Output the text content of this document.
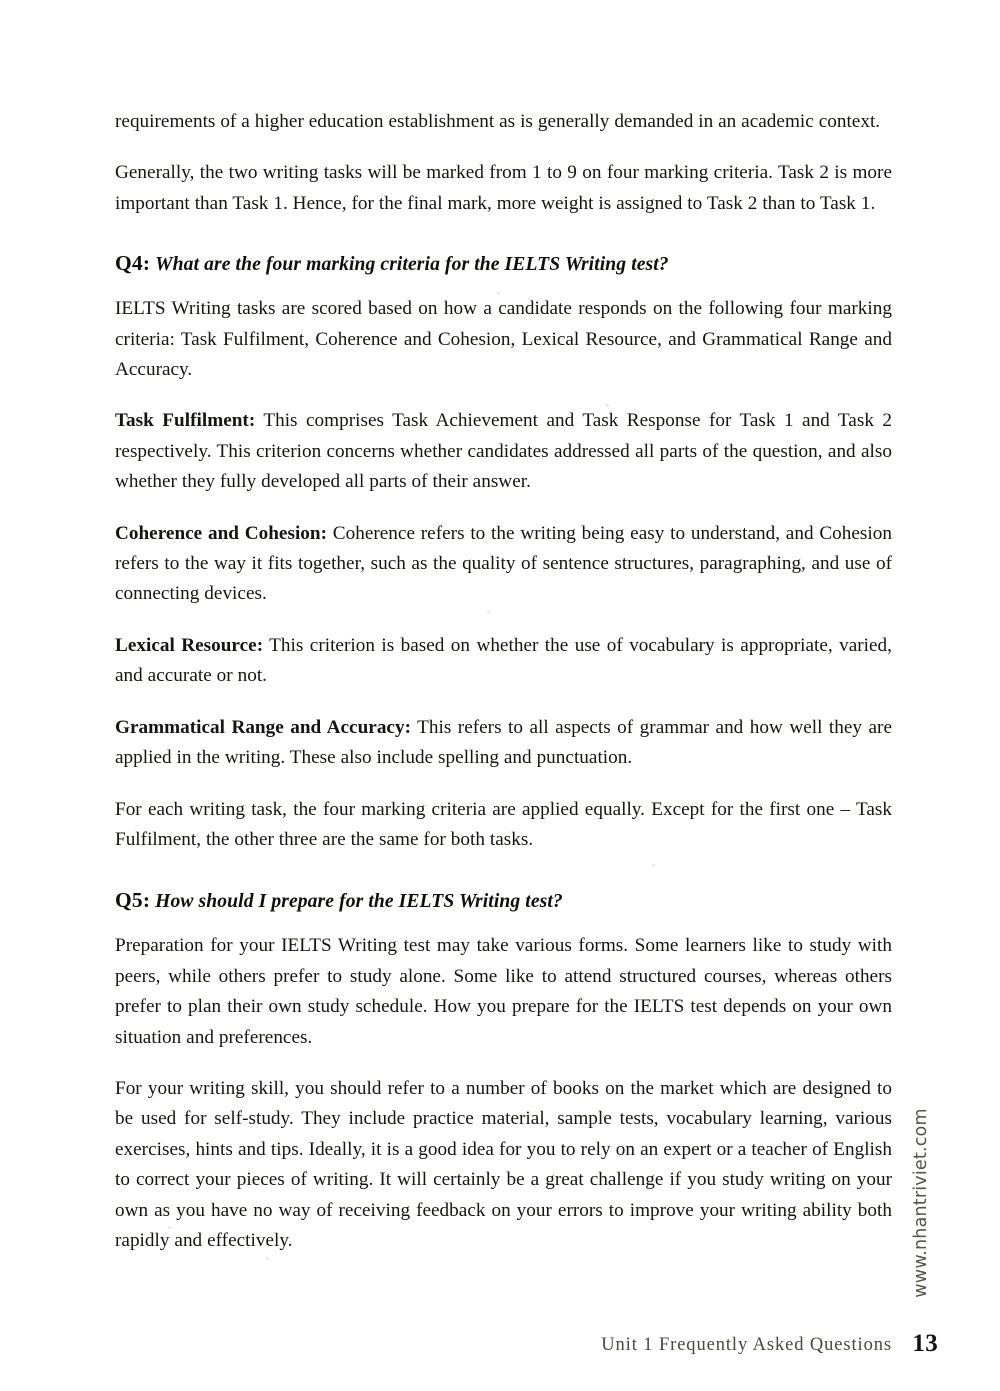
requirements of a higher education establishment as is generally demanded in an academic context.

Generally, the two writing tasks will be marked from 1 to 9 on four marking criteria. Task 2 is more important than Task 1. Hence, for the final mark, more weight is assigned to Task 2 than to Task 1.

Q4: What are the four marking criteria for the IELTS Writing test?

IELTS Writing tasks are scored based on how a candidate responds on the following four marking criteria: Task Fulfilment, Coherence and Cohesion, Lexical Resource, and Grammatical Range and Accuracy.

Task Fulfilment: This comprises Task Achievement and Task Response for Task 1 and Task 2 respectively. This criterion concerns whether candidates addressed all parts of the question, and also whether they fully developed all parts of their answer.

Coherence and Cohesion: Coherence refers to the writing being easy to understand, and Cohesion refers to the way it fits together, such as the quality of sentence structures, paragraphing, and use of connecting devices.

Lexical Resource: This criterion is based on whether the use of vocabulary is appropriate, varied, and accurate or not.

Grammatical Range and Accuracy: This refers to all aspects of grammar and how well they are applied in the writing. These also include spelling and punctuation.

For each writing task, the four marking criteria are applied equally. Except for the first one – Task Fulfilment, the other three are the same for both tasks.

Q5: How should I prepare for the IELTS Writing test?

Preparation for your IELTS Writing test may take various forms. Some learners like to study with peers, while others prefer to study alone. Some like to attend structured courses, whereas others prefer to plan their own study schedule. How you prepare for the IELTS test depends on your own situation and preferences.

For your writing skill, you should refer to a number of books on the market which are designed to be used for self-study. They include practice material, sample tests, vocabulary learning, various exercises, hints and tips. Ideally, it is a good idea for you to rely on an expert or a teacher of English to correct your pieces of writing. It will certainly be a great challenge if you study writing on your own as you have no way of receiving feedback on your errors to improve your writing ability both rapidly and effectively.	www.nhantriviet.com
Unit 1 Frequently Asked Questions 13
